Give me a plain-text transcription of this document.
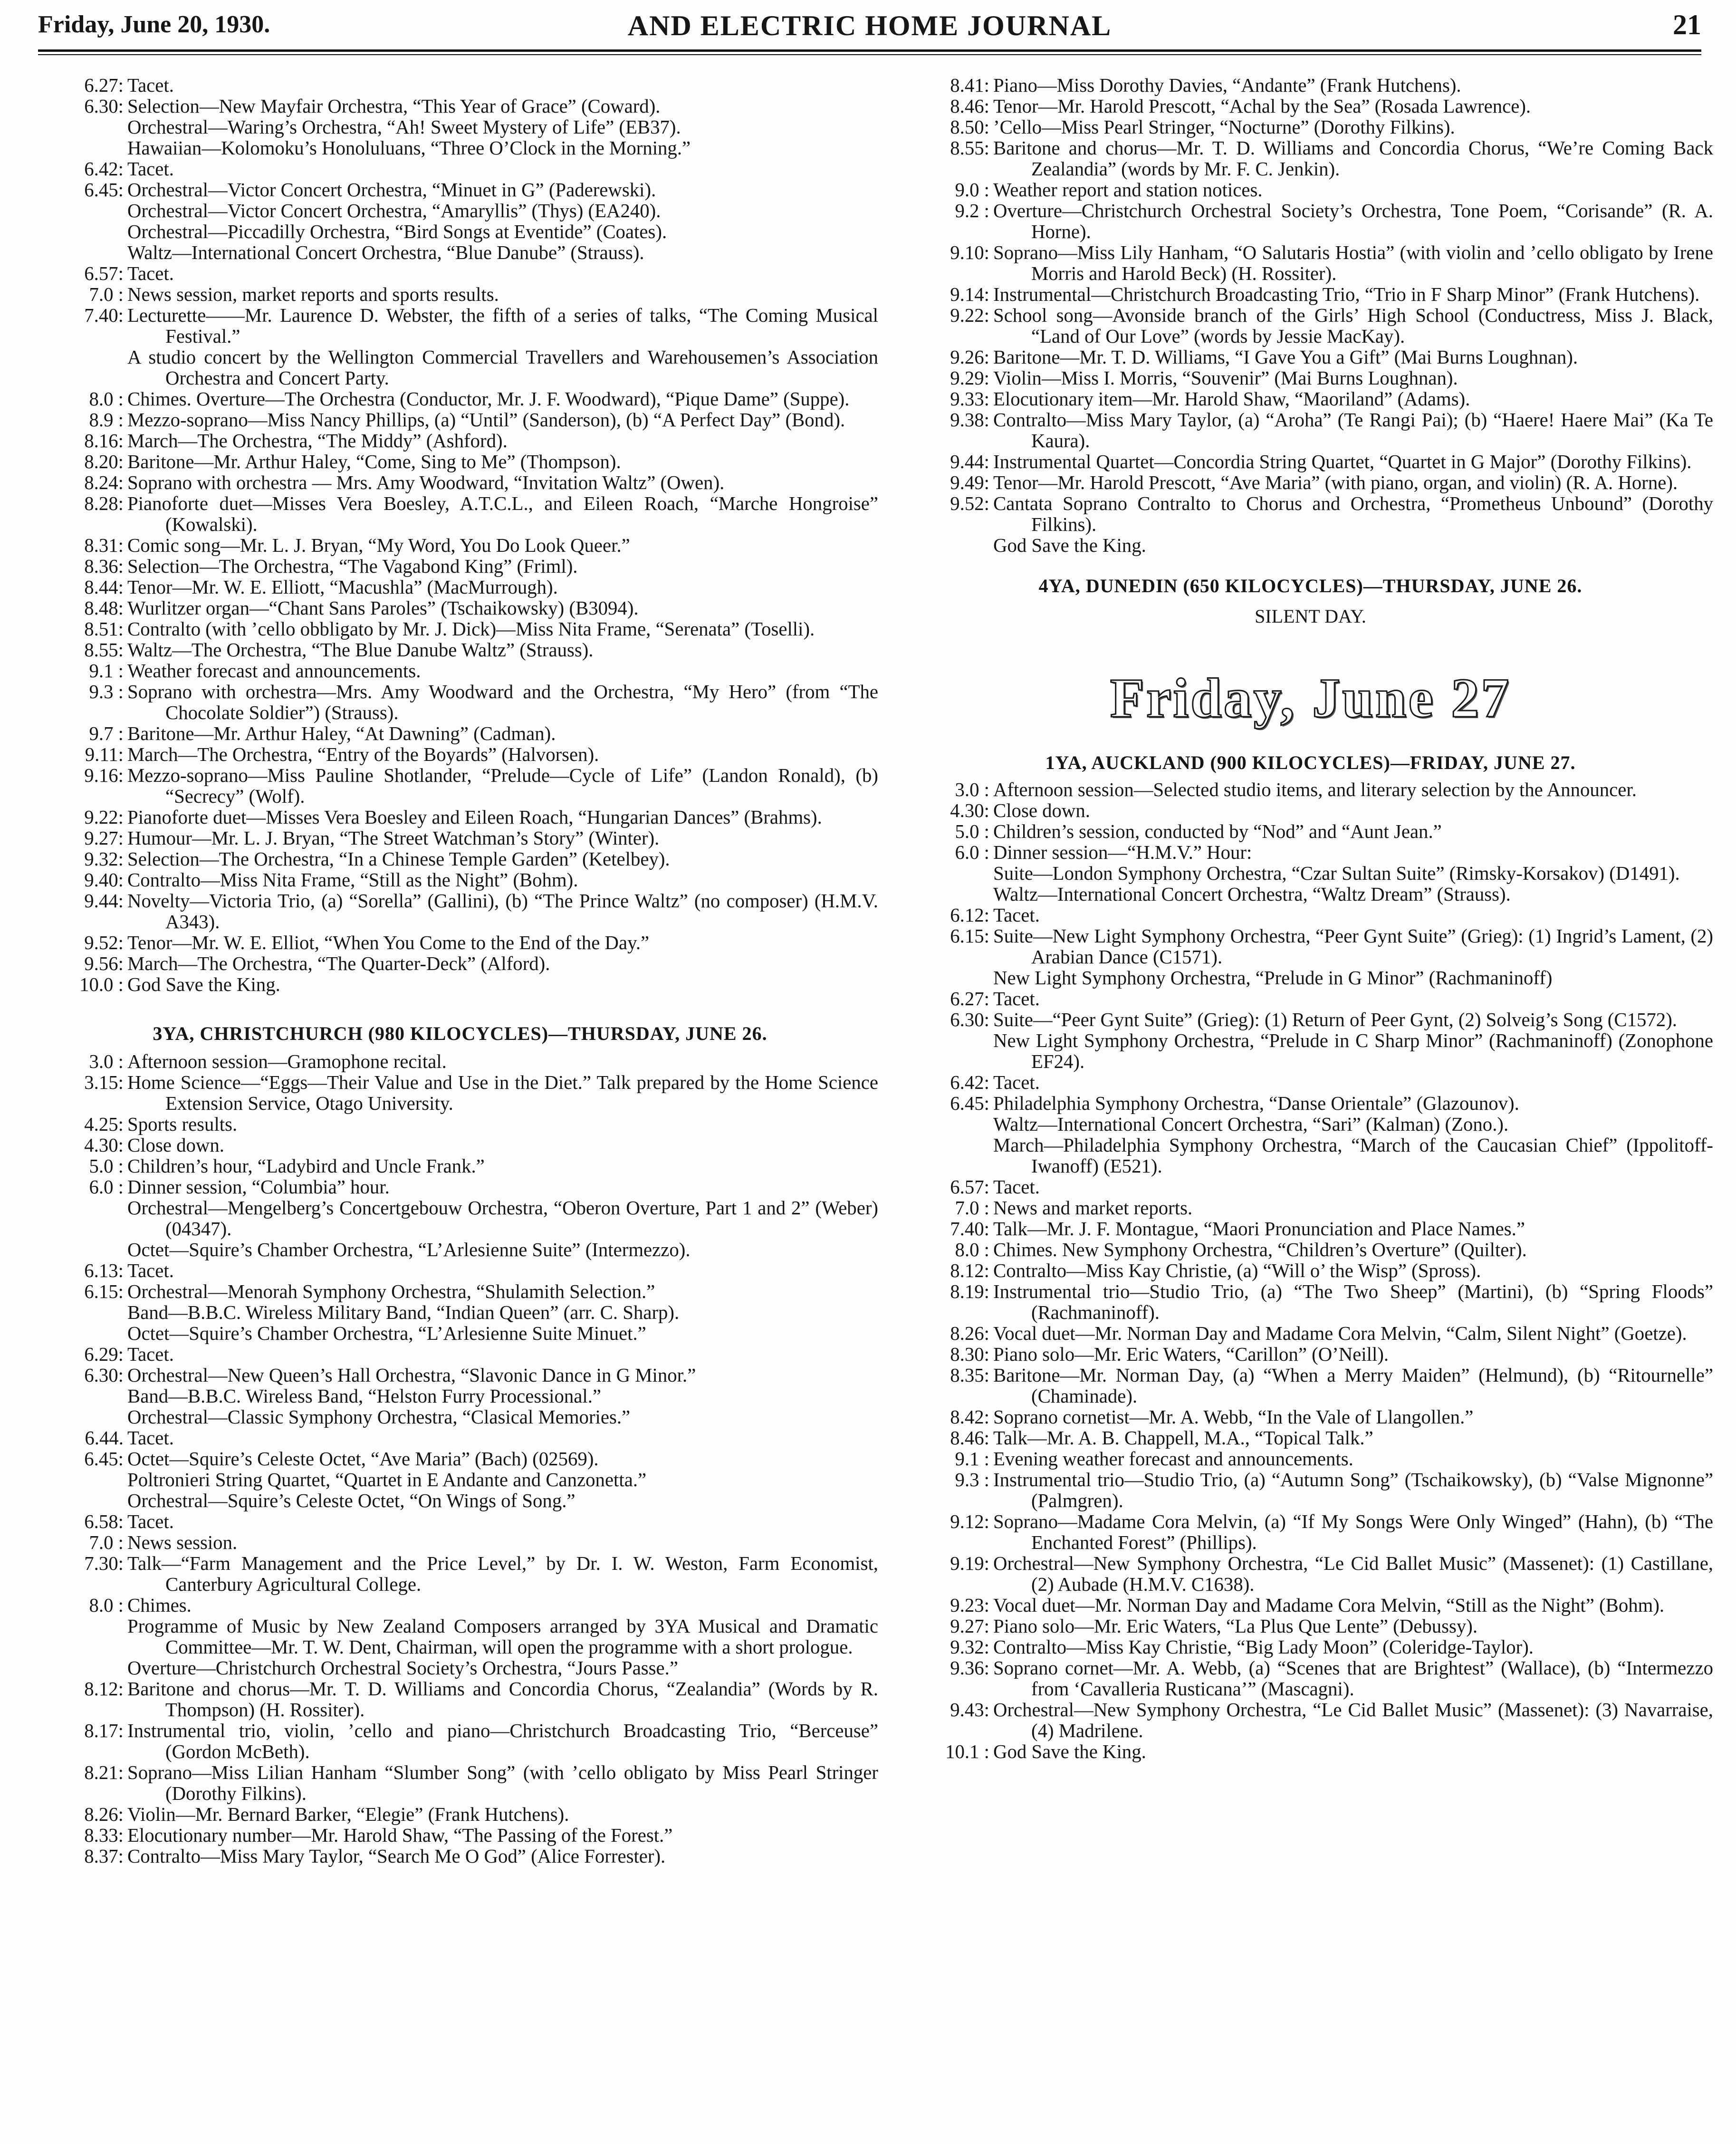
Friday, June 20, 1930.	AND ELECTRIC HOME JOURNAL	21
6.27: Tacet.
6.30: Selection—New Mayfair Orchestra, “This Year of Grace” (Coward).
Orchestral—Waring’s Orchestra, “Ah! Sweet Mystery of Life” (EB37).
Hawaiian—Kolomoku’s Honoluluans, “Three O’Clock in the Morning.”
6.42: Tacet.
6.45: Orchestral—Victor Concert Orchestra, “Minuet in G” (Paderewski).
Orchestral—Victor Concert Orchestra, “Amaryllis” (Thys) (EA240).
Orchestral—Piccadilly Orchestra, “Bird Songs at Eventide” (Coates).
Waltz—International Concert Orchestra, “Blue Danube” (Strauss).
6.57: Tacet.
7.0 : News session, market reports and sports results.
7.40: Lecturette——Mr. Laurence D. Webster, the fifth of a series of talks, “The Coming Musical Festival.”
A studio concert by the Wellington Commercial Travellers and Warehousemen’s Association Orchestra and Concert Party.
8.0 : Chimes. Overture—The Orchestra (Conductor, Mr. J. F. Woodward), “Pique Dame” (Suppe).
8.9 : Mezzo-soprano—Miss Nancy Phillips, (a) “Until” (Sanderson), (b) “A Perfect Day” (Bond).
8.16: March—The Orchestra, “The Middy” (Ashford).
8.20: Baritone—Mr. Arthur Haley, “Come, Sing to Me” (Thompson).
8.24: Soprano with orchestra — Mrs. Amy Woodward, “Invitation Waltz” (Owen).
8.28: Pianoforte duet—Misses Vera Boesley, A.T.C.L., and Eileen Roach, “Marche Hongroise” (Kowalski).
8.31: Comic song—Mr. L. J. Bryan, “My Word, You Do Look Queer.”
8.36: Selection—The Orchestra, “The Vagabond King” (Friml).
8.44: Tenor—Mr. W. E. Elliott, “Macushla” (MacMurrough).
8.48: Wurlitzer organ—“Chant Sans Paroles” (Tschaikowsky) (B3094).
8.51: Contralto (with ’cello obbligato by Mr. J. Dick)—Miss Nita Frame, “Serenata” (Toselli).
8.55: Waltz—The Orchestra, “The Blue Danube Waltz” (Strauss).
9.1 : Weather forecast and announcements.
9.3 : Soprano with orchestra—Mrs. Amy Woodward and the Orchestra, “My Hero” (from “The Chocolate Soldier”) (Strauss).
9.7 : Baritone—Mr. Arthur Haley, “At Dawning” (Cadman).
9.11: March—The Orchestra, “Entry of the Boyards” (Halvorsen).
9.16: Mezzo-soprano—Miss Pauline Shotlander, “Prelude—Cycle of Life” (Landon Ronald), (b) “Secrecy” (Wolf).
9.22: Pianoforte duet—Misses Vera Boesley and Eileen Roach, “Hungarian Dances” (Brahms).
9.27: Humour—Mr. L. J. Bryan, “The Street Watchman’s Story” (Winter).
9.32: Selection—The Orchestra, “In a Chinese Temple Garden” (Ketelbey).
9.40: Contralto—Miss Nita Frame, “Still as the Night” (Bohm).
9.44: Novelty—Victoria Trio, (a) “Sorella” (Gallini), (b) “The Prince Waltz” (no composer) (H.M.V. A343).
9.52: Tenor—Mr. W. E. Elliot, “When You Come to the End of the Day.”
9.56: March—The Orchestra, “The Quarter-Deck” (Alford).
10.0 : God Save the King.
3YA, CHRISTCHURCH (980 KILOCYCLES)—THURSDAY, JUNE 26.
3.0 : Afternoon session—Gramophone recital.
3.15: Home Science—“Eggs—Their Value and Use in the Diet.” Talk prepared by the Home Science Extension Service, Otago University.
4.25: Sports results.
4.30: Close down.
5.0 : Children’s hour, “Ladybird and Uncle Frank.”
6.0 : Dinner session, “Columbia” hour.
Orchestral—Mengelberg’s Concertgebouw Orchestra, “Oberon Overture, Part 1 and 2” (Weber) (04347).
Octet—Squire’s Chamber Orchestra, “L’Arlesienne Suite” (Intermezzo).
6.13: Tacet.
6.15: Orchestral—Menorah Symphony Orchestra, “Shulamith Selection.”
Band—B.B.C. Wireless Military Band, “Indian Queen” (arr. C. Sharp).
Octet—Squire’s Chamber Orchestra, “L’Arlesienne Suite Minuet.”
6.29: Tacet.
6.30: Orchestral—New Queen’s Hall Orchestra, “Slavonic Dance in G Minor.”
Band—B.B.C. Wireless Band, “Helston Furry Processional.”
Orchestral—Classic Symphony Orchestra, “Clasical Memories.”
6.44. Tacet.
6.45: Octet—Squire’s Celeste Octet, “Ave Maria” (Bach) (02569).
Poltronieri String Quartet, “Quartet in E Andante and Canzonetta.”
Orchestral—Squire’s Celeste Octet, “On Wings of Song.”
6.58: Tacet.
7.0 : News session.
7.30: Talk—“Farm Management and the Price Level,” by Dr. I. W. Weston, Farm Economist, Canterbury Agricultural College.
8.0 : Chimes.
Programme of Music by New Zealand Composers arranged by 3YA Musical and Dramatic Committee—Mr. T. W. Dent, Chairman, will open the programme with a short prologue.
Overture—Christchurch Orchestral Society’s Orchestra, “Jours Passe.”
8.12: Baritone and chorus—Mr. T. D. Williams and Concordia Chorus, “Zealandia” (Words by R. Thompson) (H. Rossiter).
8.17: Instrumental trio, violin, ’cello and piano—Christchurch Broadcasting Trio, “Berceuse” (Gordon McBeth).
8.21: Soprano—Miss Lilian Hanham “Slumber Song” (with ’cello obligato by Miss Pearl Stringer (Dorothy Filkins).
8.26: Violin—Mr. Bernard Barker, “Elegie” (Frank Hutchens).
8.33: Elocutionary number—Mr. Harold Shaw, “The Passing of the Forest.”
8.37: Contralto—Miss Mary Taylor, “Search Me O God” (Alice Forrester).
8.41: Piano—Miss Dorothy Davies, “Andante” (Frank Hutchens).
8.46: Tenor—Mr. Harold Prescott, “Achal by the Sea” (Rosada Lawrence).
8.50: ’Cello—Miss Pearl Stringer, “Nocturne” (Dorothy Filkins).
8.55: Baritone and chorus—Mr. T. D. Williams and Concordia Chorus, “We’re Coming Back Zealandia” (words by Mr. F. C. Jenkin).
9.0 : Weather report and station notices.
9.2 : Overture—Christchurch Orchestral Society’s Orchestra, Tone Poem, “Corisande” (R. A. Horne).
9.10: Soprano—Miss Lily Hanham, “O Salutaris Hostia” (with violin and ’cello obligato by Irene Morris and Harold Beck) (H. Rossiter).
9.14: Instrumental—Christchurch Broadcasting Trio, “Trio in F Sharp Minor” (Frank Hutchens).
9.22: School song—Avonside branch of the Girls’ High School (Conductress, Miss J. Black, “Land of Our Love” (words by Jessie MacKay).
9.26: Baritone—Mr. T. D. Williams, “I Gave You a Gift” (Mai Burns Loughnan).
9.29: Violin—Miss I. Morris, “Souvenir” (Mai Burns Loughnan).
9.33: Elocutionary item—Mr. Harold Shaw, “Maoriland” (Adams).
9.38: Contralto—Miss Mary Taylor, (a) “Aroha” (Te Rangi Pai); (b) “Haere! Haere Mai” (Ka Te Kaura).
9.44: Instrumental Quartet—Concordia String Quartet, “Quartet in G Major” (Dorothy Filkins).
9.49: Tenor—Mr. Harold Prescott, “Ave Maria” (with piano, organ, and violin) (R. A. Horne).
9.52: Cantata Soprano Contralto to Chorus and Orchestra, “Prometheus Unbound” (Dorothy Filkins).
God Save the King.
4YA, DUNEDIN (650 KILOCYCLES)—THURSDAY, JUNE 26.
SILENT DAY.
Friday, June 27
1YA, AUCKLAND (900 KILOCYCLES)—FRIDAY, JUNE 27.
3.0 : Afternoon session—Selected studio items, and literary selection by the Announcer.
4.30: Close down.
5.0 : Children’s session, conducted by “Nod” and “Aunt Jean.”
6.0 : Dinner session—“H.M.V.” Hour:
Suite—London Symphony Orchestra, “Czar Sultan Suite” (Rimsky-Korsakov) (D1491).
Waltz—International Concert Orchestra, “Waltz Dream” (Strauss).
6.12: Tacet.
6.15: Suite—New Light Symphony Orchestra, “Peer Gynt Suite” (Grieg): (1) Ingrid’s Lament, (2) Arabian Dance (C1571).
New Light Symphony Orchestra, “Prelude in G Minor” (Rachmaninoff)
6.27: Tacet.
6.30: Suite—“Peer Gynt Suite” (Grieg): (1) Return of Peer Gynt, (2) Solveig’s Song (C1572).
New Light Symphony Orchestra, “Prelude in C Sharp Minor” (Rachmaninoff) (Zonophone EF24).
6.42: Tacet.
6.45: Philadelphia Symphony Orchestra, “Danse Orientale” (Glazounov).
Waltz—International Concert Orchestra, “Sari” (Kalman) (Zono.).
March—Philadelphia Symphony Orchestra, “March of the Caucasian Chief” (Ippolitoff-Iwanoff) (E521).
6.57: Tacet.
7.0 : News and market reports.
7.40: Talk—Mr. J. F. Montague, “Maori Pronunciation and Place Names.”
8.0 : Chimes. New Symphony Orchestra, “Children’s Overture” (Quilter).
8.12: Contralto—Miss Kay Christie, (a) “Will o’ the Wisp” (Spross).
8.19: Instrumental trio—Studio Trio, (a) “The Two Sheep” (Martini), (b) “Spring Floods” (Rachmaninoff).
8.26: Vocal duet—Mr. Norman Day and Madame Cora Melvin, “Calm, Silent Night” (Goetze).
8.30: Piano solo—Mr. Eric Waters, “Carillon” (O’Neill).
8.35: Baritone—Mr. Norman Day, (a) “When a Merry Maiden” (Helmund), (b) “Ritournelle” (Chaminade).
8.42: Soprano cornetist—Mr. A. Webb, “In the Vale of Llangollen.”
8.46: Talk—Mr. A. B. Chappell, M.A., “Topical Talk.”
9.1 : Evening weather forecast and announcements.
9.3 : Instrumental trio—Studio Trio, (a) “Autumn Song” (Tschaikowsky), (b) “Valse Mignonne” (Palmgren).
9.12: Soprano—Madame Cora Melvin, (a) “If My Songs Were Only Winged” (Hahn), (b) “The Enchanted Forest” (Phillips).
9.19: Orchestral—New Symphony Orchestra, “Le Cid Ballet Music” (Massenet): (1) Castillane, (2) Aubade (H.M.V. C1638).
9.23: Vocal duet—Mr. Norman Day and Madame Cora Melvin, “Still as the Night” (Bohm).
9.27: Piano solo—Mr. Eric Waters, “La Plus Que Lente” (Debussy).
9.32: Contralto—Miss Kay Christie, “Big Lady Moon” (Coleridge-Taylor).
9.36: Soprano cornet—Mr. A. Webb, (a) “Scenes that are Brightest” (Wallace), (b) “Intermezzo from ‘Cavalleria Rusticana’” (Mascagni).
9.43: Orchestral—New Symphony Orchestra, “Le Cid Ballet Music” (Massenet): (3) Navarraise, (4) Madrilene.
10.1 : God Save the King.
